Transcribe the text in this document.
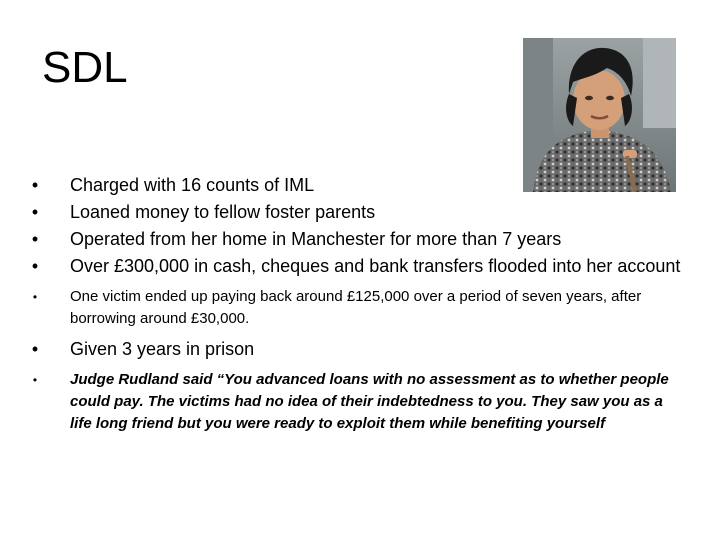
SDL
• Charged with 16 counts of IML
• Loaned money to fellow foster parents
• Operated from her home in Manchester for more than 7 years
• Over £300,000 in cash, cheques and bank transfers flooded into her account
•	One victim ended up paying back around £125,000 over a period of seven years, after borrowing around £30,000.
• Given 3 years in prison
•	Judge Rudland said “You advanced loans with no assessment as to whether people could pay. The victims had no idea of their indebtedness to you. They saw you as a life long friend but you were ready to exploit them while benefiting yourself
